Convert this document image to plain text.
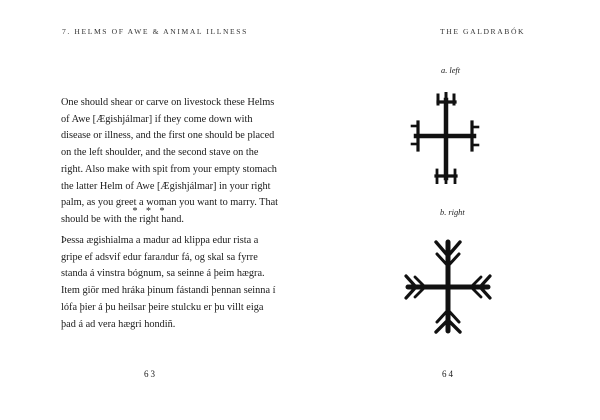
7. HELMS OF AWE & ANIMAL ILLNESS

One should shear or carve on livestock these Helms of Awe [Ægishjálmar] if they come down with disease or illness, and the first one should be placed on the left shoulder, and the second stave on the right. Also make with spit from your empty stomach the latter Helm of Awe [Ægishjálmar] in your right palm, as you greet a woman you want to marry. That should be with the right hand.

* * *

Þessa ægishialma a madur ad klippa edur rista a gripe ef adsvif edur farалdur fá, og skal sa fyrre standa á vinstra bógnum, sa seinne á þeim hægra. Item giör med hráka þinum fástandi þennan seinna í lófa þier á þu heilsar þeire stulcku er þu villt eiga þad á ad vera hægri hondiñ.

63
THE GALDRABÓK
a. left
b. right
64
